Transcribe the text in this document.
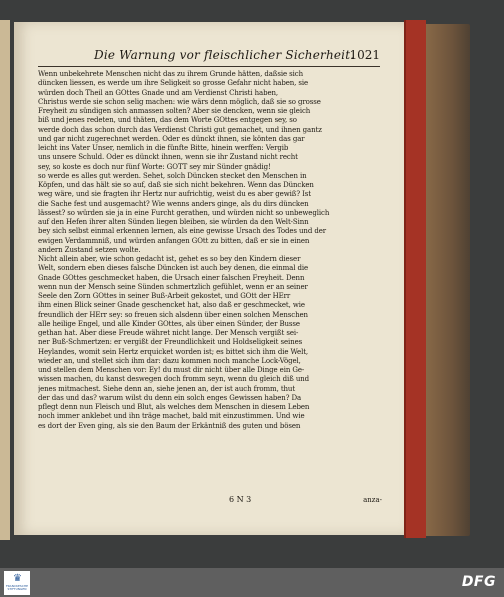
Die Warnung vor fleischlicher Sicherheit.
1021
Wenn unbekehrete Menschen nicht das zu ihrem Grunde hätten, daßsie sich
düncken liessen, es werde um ihre Seligkeit so grosse Gefahr nicht haben, sie
würden doch Theil an GOttes Gnade und am Verdienst Christi haben,
Christus werde sie schon selig machen: wie wärs denn möglich, daß sie so grosse
Freyheit zu sündigen sich anmassen solten? Aber sie dencken, wenn sie gleich
biß und jenes redeten, und thäten, das dem Worte GOttes entgegen sey, so
werde doch das schon durch das Verdienst Christi gut gemachet, und ihnen gantz
und gar nicht zugerechnet werden. Oder es dünckt ihnen, sie könten das gar
leicht ins Vater Unser, nemlich in die fünfte Bitte, hinein werffen: Vergib
uns unsere Schuld. Oder es dünckt ihnen, wenn sie ihr Zustand nicht recht
sey, so koste es doch nur fünf Worte: GOTT sey mir Sünder gnädig!
so werde es alles gut werden. Sehet, solch Düncken stecket den Menschen in
Köpfen, und das hält sie so auf, daß sie sich nicht bekehren. Wenn das Düncken
weg wäre, und sie fragten ihr Hertz nur aufrichtig, weist du es aber gewiß? Ist
die Sache fest und ausgemacht? Wie wenns anders ginge, als du dirs düncken
lässest? so würden sie ja in eine Furcht gerathen, und würden nicht so unbeweglich
auf den Hefen ihrer alten Sünden liegen bleiben, sie würden da den Welt-Sinn
bey sich selbst einmal erkennen lernen, als eine gewisse Ursach des Todes und der
ewigen Verdammniß, und würden anfangen GOtt zu bitten, daß er sie in einen
andern Zustand setzen wolte.
Nicht allein aber, wie schon gedacht ist, gehet es so bey den Kindern dieser
Welt, sondern eben dieses falsche Düncken ist auch bey denen, die einmal die
Gnade GOttes geschmecket haben, die Ursach einer falschen Freyheit. Denn
wenn nun der Mensch seine Sünden schmertzlich gefühlet, wenn er an seiner
Seele den Zorn GOttes in seiner Buß-Arbeit gekostet, und GOtt der HErr
ihm einen Blick seiner Gnade geschencket hat, also daß er geschmecket, wie
freundlich der HErr sey: so freuen sich alsdenn über einen solchen Menschen
alle heilige Engel, und alle Kinder GOttes, als über einen Sünder, der Busse
gethan hat. Aber diese Freude währet nicht lange. Der Mensch vergißt sei-
ner Buß-Schmertzen: er vergißt der Freundlichkeit und Holdseligkeit seines
Heylandes, womit sein Hertz erquicket worden ist; es bittet sich ihm die Welt,
wieder an, und stellet sich ihm dar: dazu kommen noch manche Lock-Vögel,
und stellen dem Menschen vor: Ey! du must dir nicht über alle Dinge ein Ge-
wissen machen, du kanst deswegen doch fromm seyn, wenn du gleich diß und
jenes mitmachest. Siehe denn an, siehe jenen an, der ist auch fromm, thut
der das und das? warum wilst du denn ein solch enges Gewissen haben? Da
pflegt denn nun Fleisch und Blut, als welches dem Menschen in diesem Leben
noch immer anklebet und ihn träge machet, bald mit einzustimmen. Und wie
es dort der Even ging, als sie den Baum der Erkäntniß des guten und bösen
6 N 3	anza-
♛
FRANCKESCHE STIFTUNGEN	DFG
